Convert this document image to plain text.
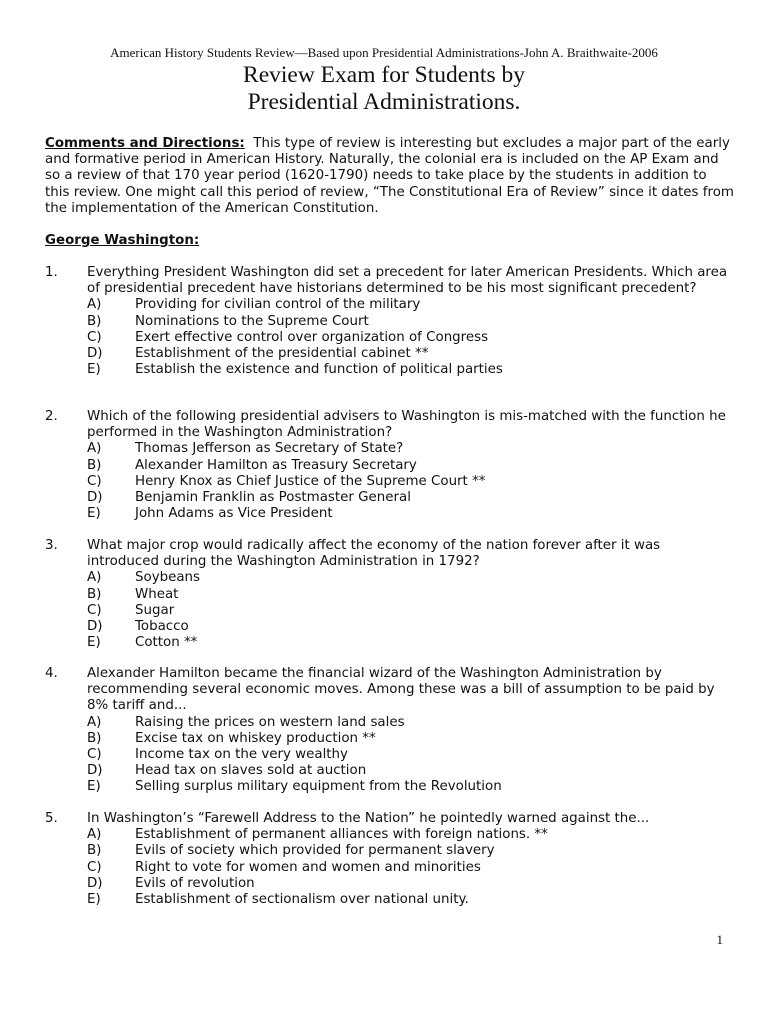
American History Students Review—Based upon Presidential Administrations-John A. Braithwaite-2006
Review Exam for Students by
Presidential Administrations.
Comments and Directions: This type of review is interesting but excludes a major part of the early and formative period in American History. Naturally, the colonial era is included on the AP Exam and so a review of that 170 year period (1620-1790) needs to take place by the students in addition to this review. One might call this period of review, “The Constitutional Era of Review” since it dates from the implementation of the American Constitution.
George Washington:
1.	Everything President Washington did set a precedent for later American Presidents. Which area of presidential precedent have historians determined to be his most significant precedent?
A)	Providing for civilian control of the military
B)	Nominations to the Supreme Court
C)	Exert effective control over organization of Congress
D)	Establishment of the presidential cabinet **
E)	Establish the existence and function of political parties
2.	Which of the following presidential advisers to Washington is mis-matched with the function he performed in the Washington Administration?
A)	Thomas Jefferson as Secretary of State?
B)	Alexander Hamilton as Treasury Secretary
C)	Henry Knox as Chief Justice of the Supreme Court **
D)	Benjamin Franklin as Postmaster General
E)	John Adams as Vice President
3.	What major crop would radically affect the economy of the nation forever after it was introduced during the Washington Administration in 1792?
A)	Soybeans
B)	Wheat
C)	Sugar
D)	Tobacco
E)	Cotton **
4.	Alexander Hamilton became the financial wizard of the Washington Administration by recommending several economic moves. Among these was a bill of assumption to be paid by 8% tariff and...
A)	Raising the prices on western land sales
B)	Excise tax on whiskey production **
C)	Income tax on the very wealthy
D)	Head tax on slaves sold at auction
E)	Selling surplus military equipment from the Revolution
5.	In Washington’s “Farewell Address to the Nation” he pointedly warned against the...
A)	Establishment of permanent alliances with foreign nations. **
B)	Evils of society which provided for permanent slavery
C)	Right to vote for women and women and minorities
D)	Evils of revolution
E)	Establishment of sectionalism over national unity.
1
